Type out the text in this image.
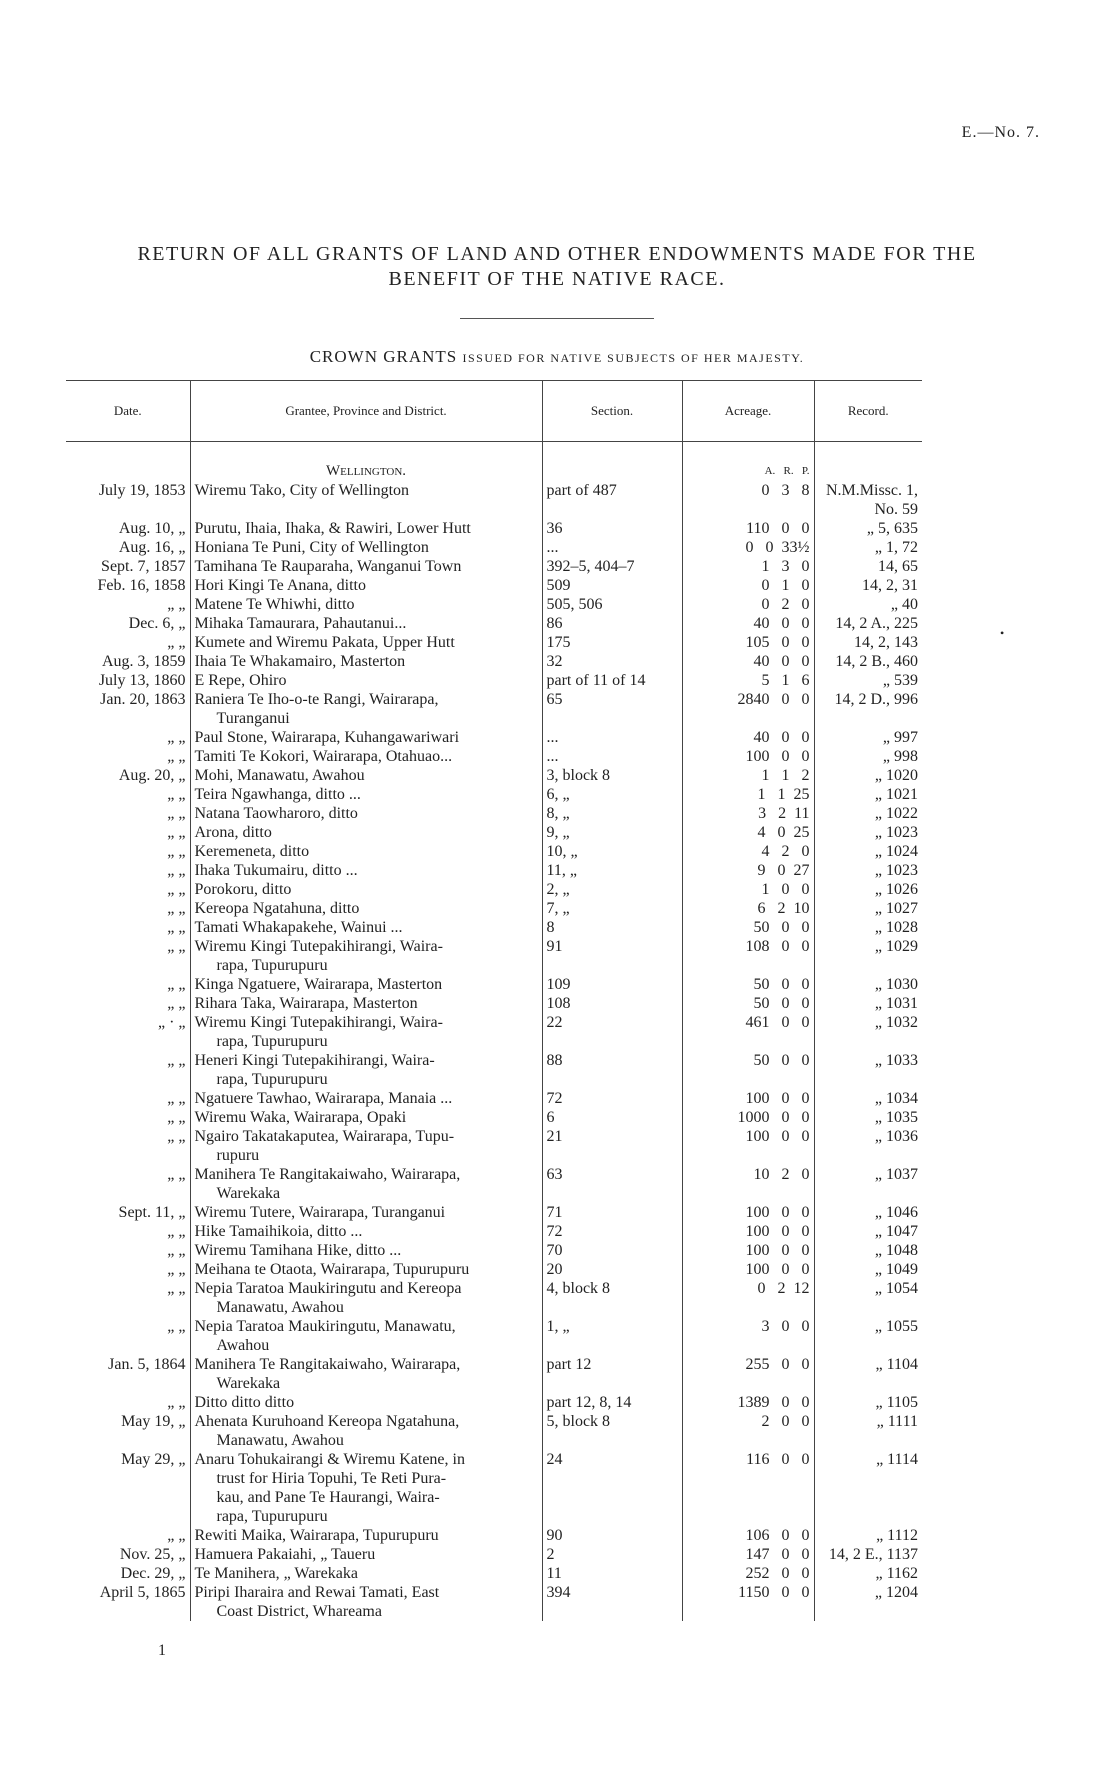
E.—No. 7.
RETURN OF ALL GRANTS OF LAND AND OTHER ENDOWMENTS MADE FOR THE
BENEFIT OF THE NATIVE RACE.
CROWN GRANTS ISSUED FOR NATIVE SUBJECTS OF HER MAJESTY.
Date.	Grantee, Province and District.	Section.	Acreage.	Record.
	Wellington.		A.   R.   P.	
July 19, 1853	Wiremu Tako, City of Wellington	part of 487	0   3   8	N.M.Missc. 1,
No. 59

Aug. 10, „	Purutu, Ihaia, Ihaka, & Rawiri, Lower Hutt	36	110   0   0	„ 5, 635

Aug. 16, „	Honiana Te Puni, City of Wellington	...	0   0  33½	„ 1, 72

Sept. 7, 1857	Tamihana Te Rauparaha, Wanganui Town	392–5, 404–7	1   3   0	14, 65

Feb. 16, 1858	Hori Kingi Te Anana, ditto	509	0   1   0	14, 2, 31

„ „	Matene Te Whiwhi, ditto	505, 506	0   2   0	„ 40

Dec. 6, „	Mihaka Tamaurara, Pahautanui...	86	40   0   0	14, 2 A., 225

„ „	Kumete and Wiremu Pakata, Upper Hutt	175	105   0   0	14, 2, 143

Aug. 3, 1859	Ihaia Te Whakamairo, Masterton	32	40   0   0	14, 2 B., 460

July 13, 1860	E Repe, Ohiro	part of 11 of 14	5   1   6	„ 539

Jan. 20, 1863	Raniera Te Iho-o-te Rangi, Wairarapa,
Turanganui	65	2840   0   0	14, 2 D., 996

„ „	Paul Stone, Wairarapa, Kuhangawariwari	...	40   0   0	„ 997

„ „	Tamiti Te Kokori, Wairarapa, Otahuao...	...	100   0   0	„ 998

Aug. 20, „	Mohi, Manawatu, Awahou	3, block 8	1   1   2	„ 1020

„ „	Teira Ngawhanga, ditto ...	6, „	1   1  25	„ 1021

„ „	Natana Taowharoro, ditto	8, „	3   2  11	„ 1022

„ „	Arona, ditto	9, „	4   0  25	„ 1023

„ „	Keremeneta, ditto	10, „	4   2   0	„ 1024

„ „	Ihaka Tukumairu, ditto ...	11, „	9   0  27	„ 1023

„ „	Porokoru, ditto	2, „	1   0   0	„ 1026

„ „	Kereopa Ngatahuna, ditto	7, „	6   2  10	„ 1027

„ „	Tamati Whakapakehe, Wainui ...	8	50   0   0	„ 1028

„ „	Wiremu Kingi Tutepakihirangi, Waira-
rapa, Tupurupuru	91	108   0   0	„ 1029

„ „	Kinga Ngatuere, Wairarapa, Masterton	109	50   0   0	„ 1030

„ „	Rihara Taka, Wairarapa, Masterton	108	50   0   0	„ 1031

„ · „	Wiremu Kingi Tutepakihirangi, Waira-
rapa, Tupurupuru	22	461   0   0	„ 1032

„ „	Heneri Kingi Tutepakihirangi, Waira-
rapa, Tupurupuru	88	50   0   0	„ 1033

„ „	Ngatuere Tawhao, Wairarapa, Manaia ...	72	100   0   0	„ 1034

„ „	Wiremu Waka, Wairarapa, Opaki	6	1000   0   0	„ 1035

„ „	Ngairo Takatakaputea, Wairarapa, Tupu-
rupuru	21	100   0   0	„ 1036

„ „	Manihera Te Rangitakaiwaho, Wairarapa,
Warekaka	63	10   2   0	„ 1037

Sept. 11, „	Wiremu Tutere, Wairarapa, Turanganui	71	100   0   0	„ 1046

„ „	Hike Tamaihikoia, ditto ...	72	100   0   0	„ 1047

„ „	Wiremu Tamihana Hike, ditto ...	70	100   0   0	„ 1048

„ „	Meihana te Otaota, Wairarapa, Tupurupuru	20	100   0   0	„ 1049

„ „	Nepia Taratoa Maukiringutu and Kereopa
Manawatu, Awahou	4, block 8	0   2  12	„ 1054

„ „	Nepia Taratoa Maukiringutu, Manawatu,
Awahou	1, „	3   0   0	„ 1055

Jan. 5, 1864	Manihera Te Rangitakaiwaho, Wairarapa,
Warekaka	part 12	255   0   0	„ 1104

„ „	Ditto ditto ditto	part 12, 8, 14	1389   0   0	„ 1105

May 19, „	Ahenata Kuruhoand Kereopa Ngatahuna,
Manawatu, Awahou	5, block 8	2   0   0	„ 1111

May 29, „	Anaru Tohukairangi & Wiremu Katene, in
trust for Hiria Topuhi, Te Reti Pura-
kau, and Pane Te Haurangi, Waira-
rapa, Tupurupuru	24	116   0   0	„ 1114

„ „	Rewiti Maika, Wairarapa, Tupurupuru	90	106   0   0	„ 1112

Nov. 25, „	Hamuera Pakaiahi, „ Taueru	2	147   0   0	14, 2 E., 1137

Dec. 29, „	Te Manihera, „ Warekaka	11	252   0   0	„ 1162

April 5, 1865	Piripi Iharaira and Rewai Tamati, East
Coast District, Whareama	394	1150   0   0	„ 1204
•
1
